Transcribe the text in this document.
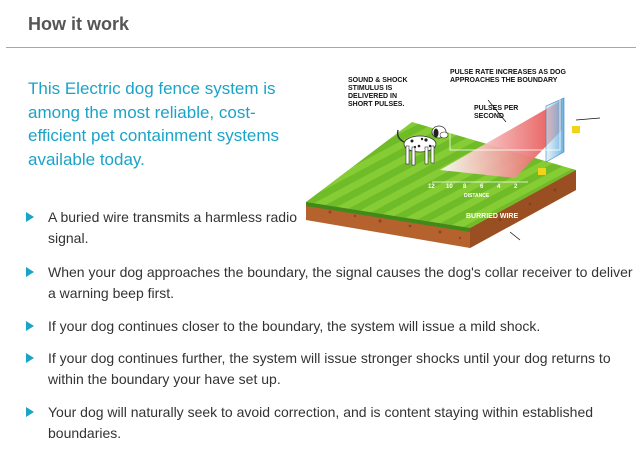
How it work
This Electric dog fence system is among the most reliable, cost-efficient pet containment systems available today.
12 10 8 6 4 2
DISTANCE
SOUND & SHOCK
STIMULUS IS
DELIVERED IN
SHORT PULSES.
PULSE RATE INCREASES AS DOG
APPROACHES THE BOUNDARY
PULSES PER
SECOND
BURRIED WIRE
A buried wire transmits a harmless radio signal.
When your dog approaches the boundary, the signal causes the dog's collar receiver to deliver a warning beep first.
If your dog continues closer to the boundary, the system will issue a mild shock.
If your dog continues further, the system will issue stronger shocks until your dog returns to within the boundary your have set up.
Your dog will naturally seek to avoid correction, and is content staying within established boundaries.
